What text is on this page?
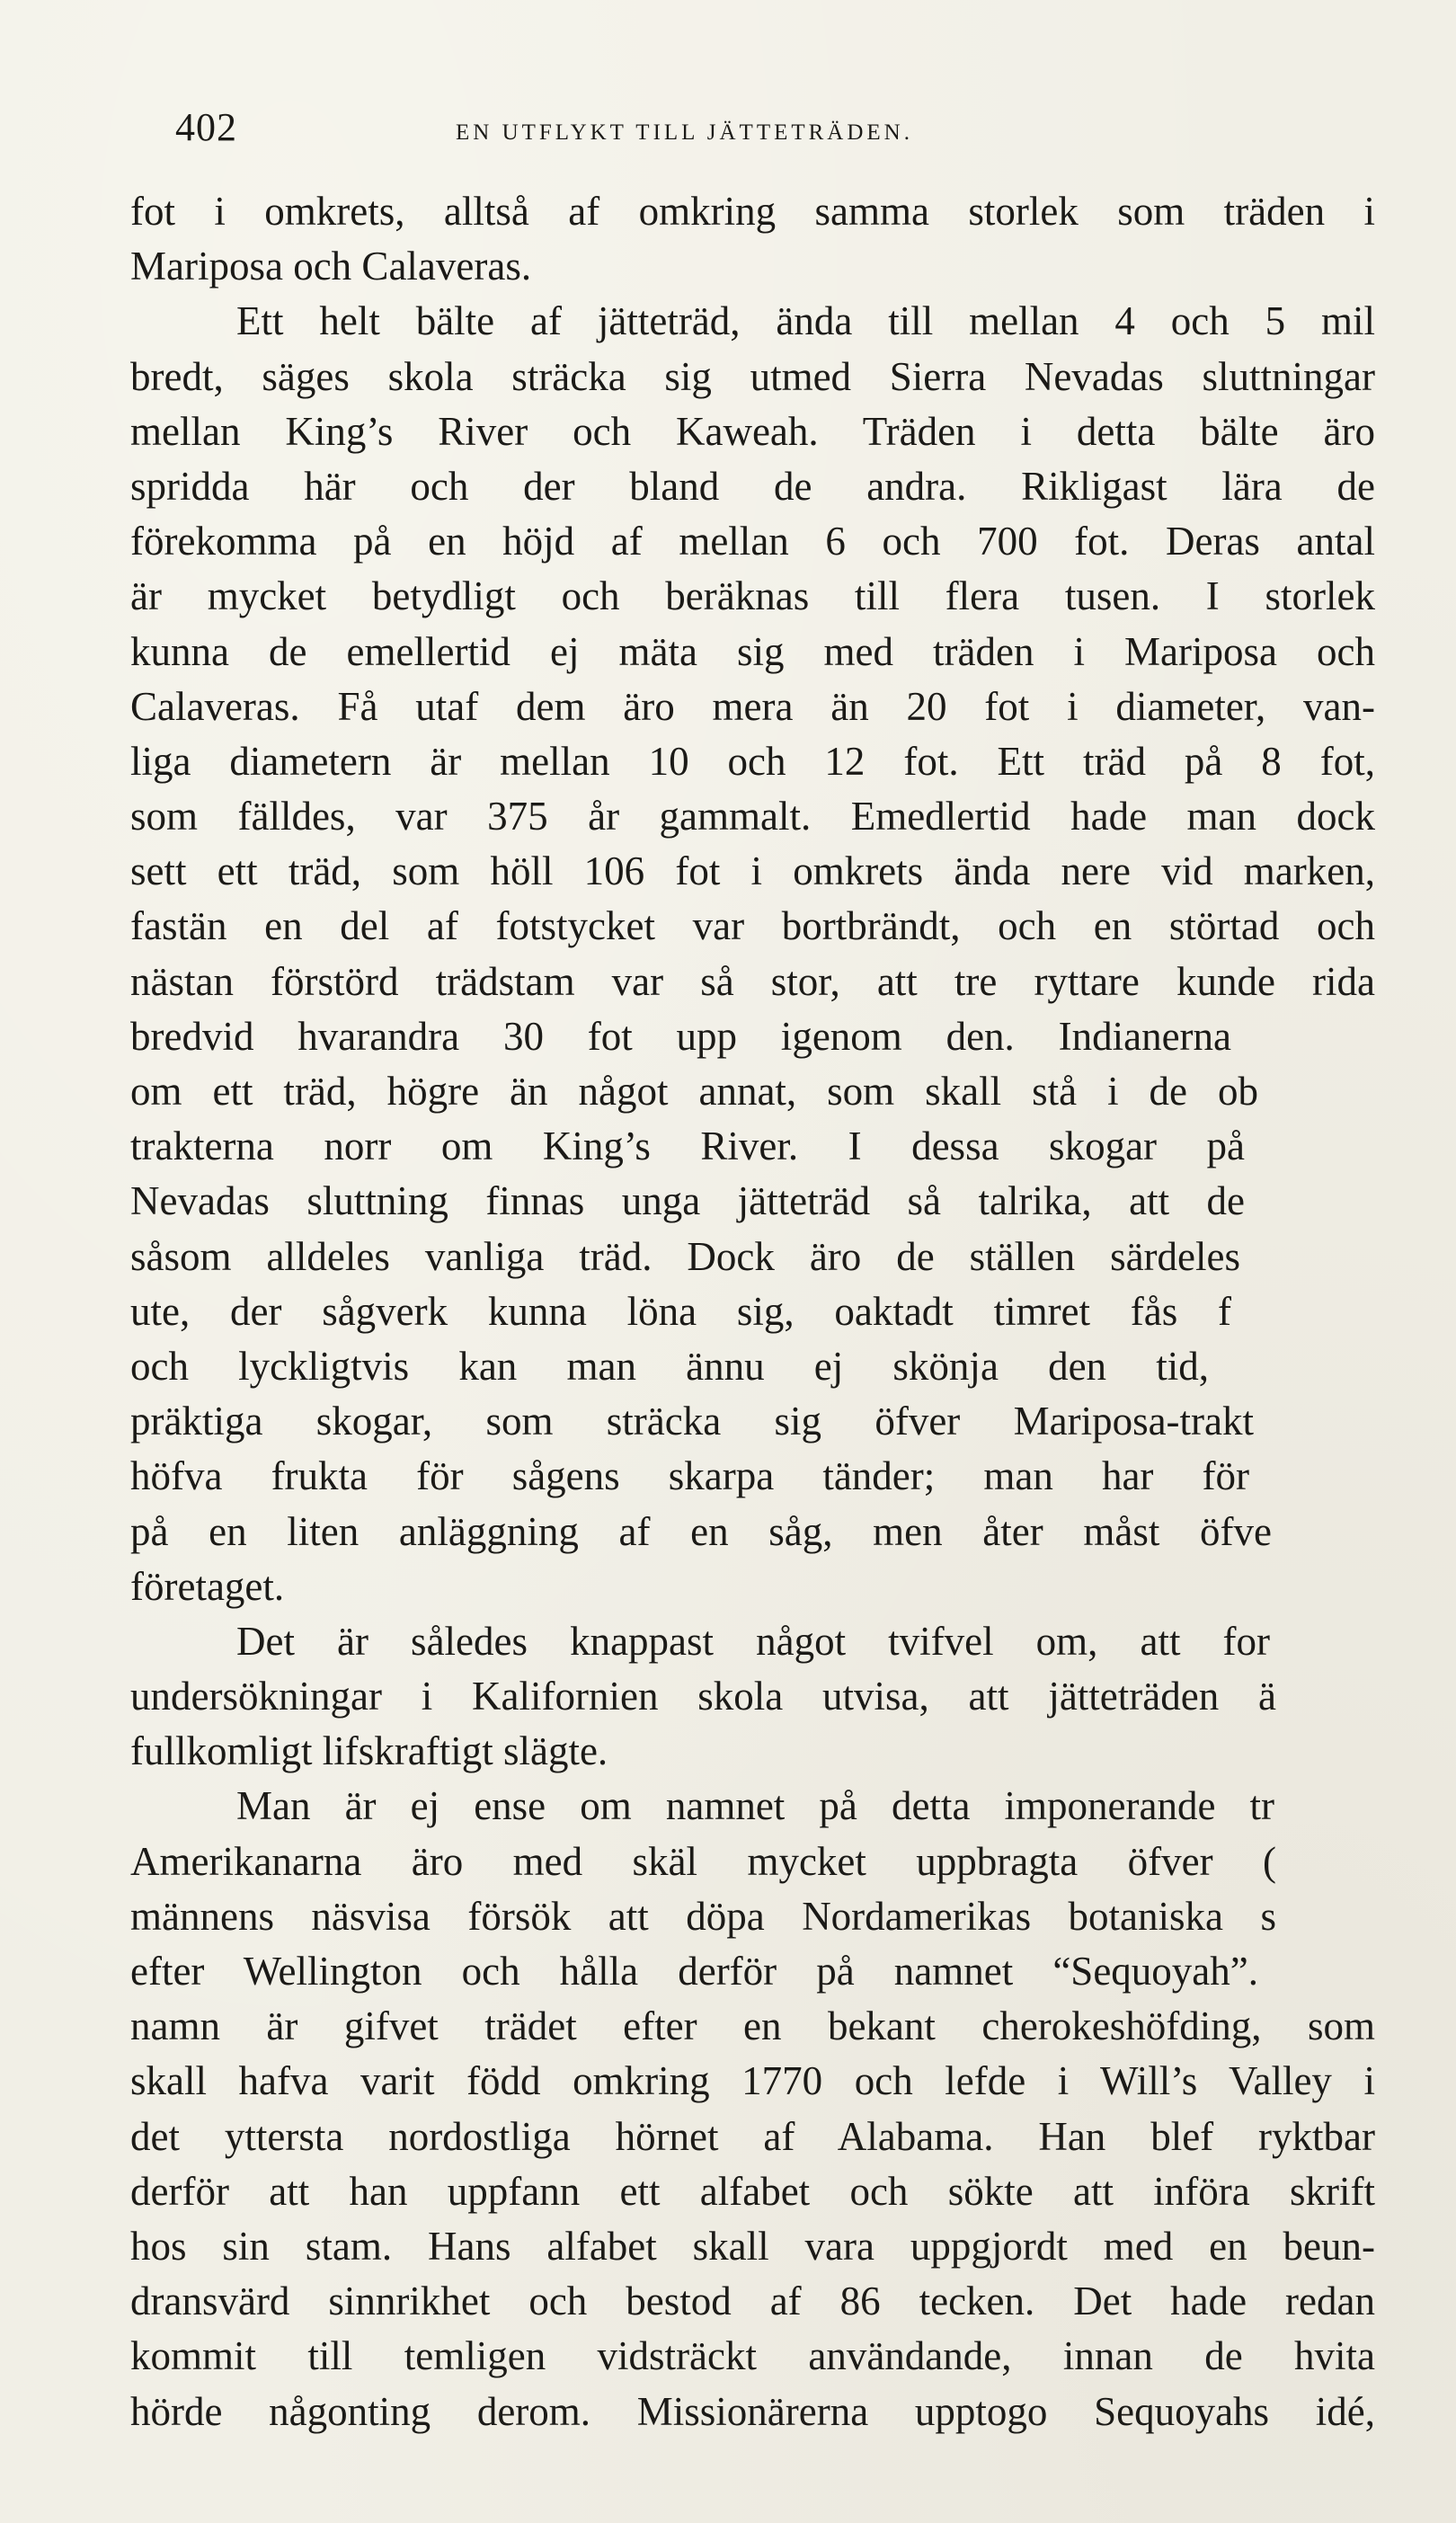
402	EN UTFLYKT TILL JÄTTETRÄDEN.
fot i omkrets, alltså af omkring samma storlek som träden i
Mariposa och Calaveras.
Ett helt bälte af jätteträd, ända till mellan 4 och 5 mil
bredt, säges skola sträcka sig utmed Sierra Nevadas sluttningar
mellan King’s River och Kaweah. Träden i detta bälte äro
spridda här och der bland de andra. Rikligast lära de
förekomma på en höjd af mellan 6 och 700 fot. Deras antal
är mycket betydligt och beräknas till flera tusen. I storlek
kunna de emellertid ej mäta sig med träden i Mariposa och
Calaveras. Få utaf dem äro mera än 20 fot i diameter, van-
liga diametern är mellan 10 och 12 fot. Ett träd på 8 fot,
som fälldes, var 375 år gammalt. Emedlertid hade man dock
sett ett träd, som höll 106 fot i omkrets ända nere vid marken,
fastän en del af fotstycket var bortbrändt, och en störtad och
nästan förstörd trädstam var så stor, att tre ryttare kunde rida
bredvid hvarandra 30 fot upp igenom den. Indianerna
om ett träd, högre än något annat, som skall stå i de ob
trakterna norr om King’s River. I dessa skogar på
Nevadas sluttning finnas unga jätteträd så talrika, att de
såsom alldeles vanliga träd. Dock äro de ställen särdeles
ute, der sågverk kunna löna sig, oaktadt timret fås f
och lyckligtvis kan man ännu ej skönja den tid,
präktiga skogar, som sträcka sig öfver Mariposa-trakt
höfva frukta för sågens skarpa tänder; man har för
på en liten anläggning af en såg, men åter måst öfve
företaget.
Det är således knappast något tvifvel om, att for
undersökningar i Kalifornien skola utvisa, att jätteträden ä
fullkomligt lifskraftigt slägte.
Man är ej ense om namnet på detta imponerande tr
Amerikanarna äro med skäl mycket uppbragta öfver (
männens näsvisa försök att döpa Nordamerikas botaniska s
efter Wellington och hålla derför på namnet “Sequoyah”.
namn är gifvet trädet efter en bekant cherokeshöfding, som
skall hafva varit född omkring 1770 och lefde i Will’s Valley i
det yttersta nordostliga hörnet af Alabama. Han blef ryktbar
derför att han uppfann ett alfabet och sökte att införa skrift
hos sin stam. Hans alfabet skall vara uppgjordt med en beun-
dransvärd sinnrikhet och bestod af 86 tecken. Det hade redan
kommit till temligen vidsträckt användande, innan de hvita
hörde någonting derom. Missionärerna upptogo Sequoyahs idé,
